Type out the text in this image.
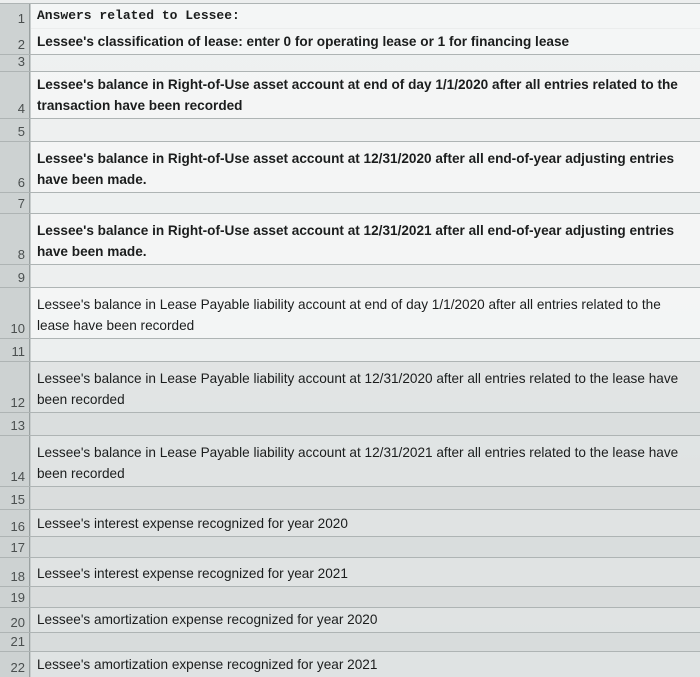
1 Answers related to Lessee:
2 Lessee's classification of lease: enter 0 for operating lease or 1 for financing lease
3
4
Lessee's balance in Right-of-Use asset account at end of day 1/1/2020 after all entries related to the transaction have been recorded
5
6
Lessee's balance in Right-of-Use asset account at 12/31/2020 after all end-of-year adjusting entries have been made.
7
8
Lessee's balance in Right-of-Use asset account at 12/31/2021 after all end-of-year adjusting entries have been made.
9
10
Lessee's balance in Lease Payable liability account at end of day 1/1/2020 after all entries related to the lease have been recorded
11
12
Lessee's balance in Lease Payable liability account at 12/31/2020 after all entries related to the lease have been recorded
13
14
Lessee's balance in Lease Payable liability account at 12/31/2021 after all entries related to the lease have been recorded
15
16 Lessee's interest expense recognized for year 2020
17
18 Lessee's interest expense recognized for year 2021
19
20 Lessee's amortization expense recognized for year 2020
21
22 Lessee's amortization expense recognized for year 2021
